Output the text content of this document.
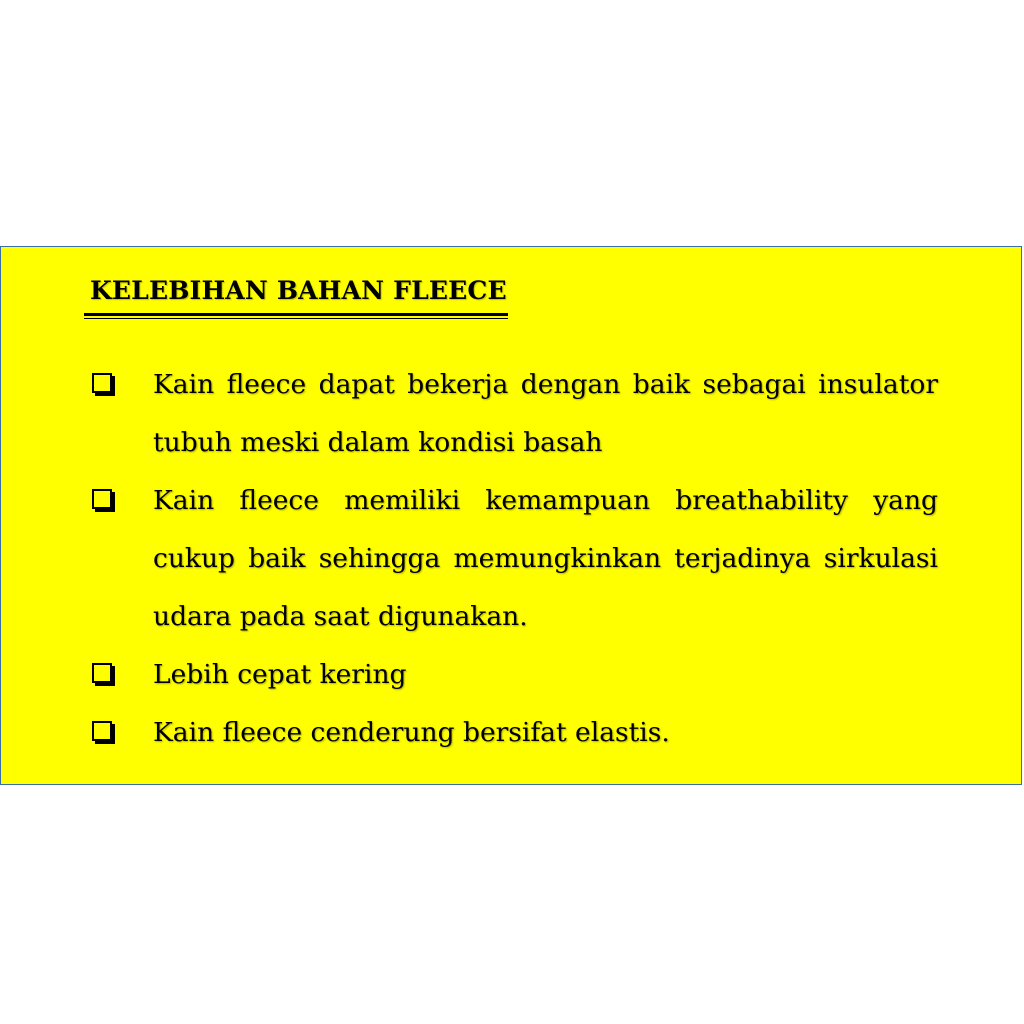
KELEBIHAN BAHAN FLEECE
Kain fleece dapat bekerja dengan baik sebagai insulator tubuh meski dalam kondisi basah
Kain fleece memiliki kemampuan breathability yang cukup baik sehingga memungkinkan terjadinya sirkulasi udara pada saat digunakan.
Lebih cepat kering
Kain fleece cenderung bersifat elastis.
